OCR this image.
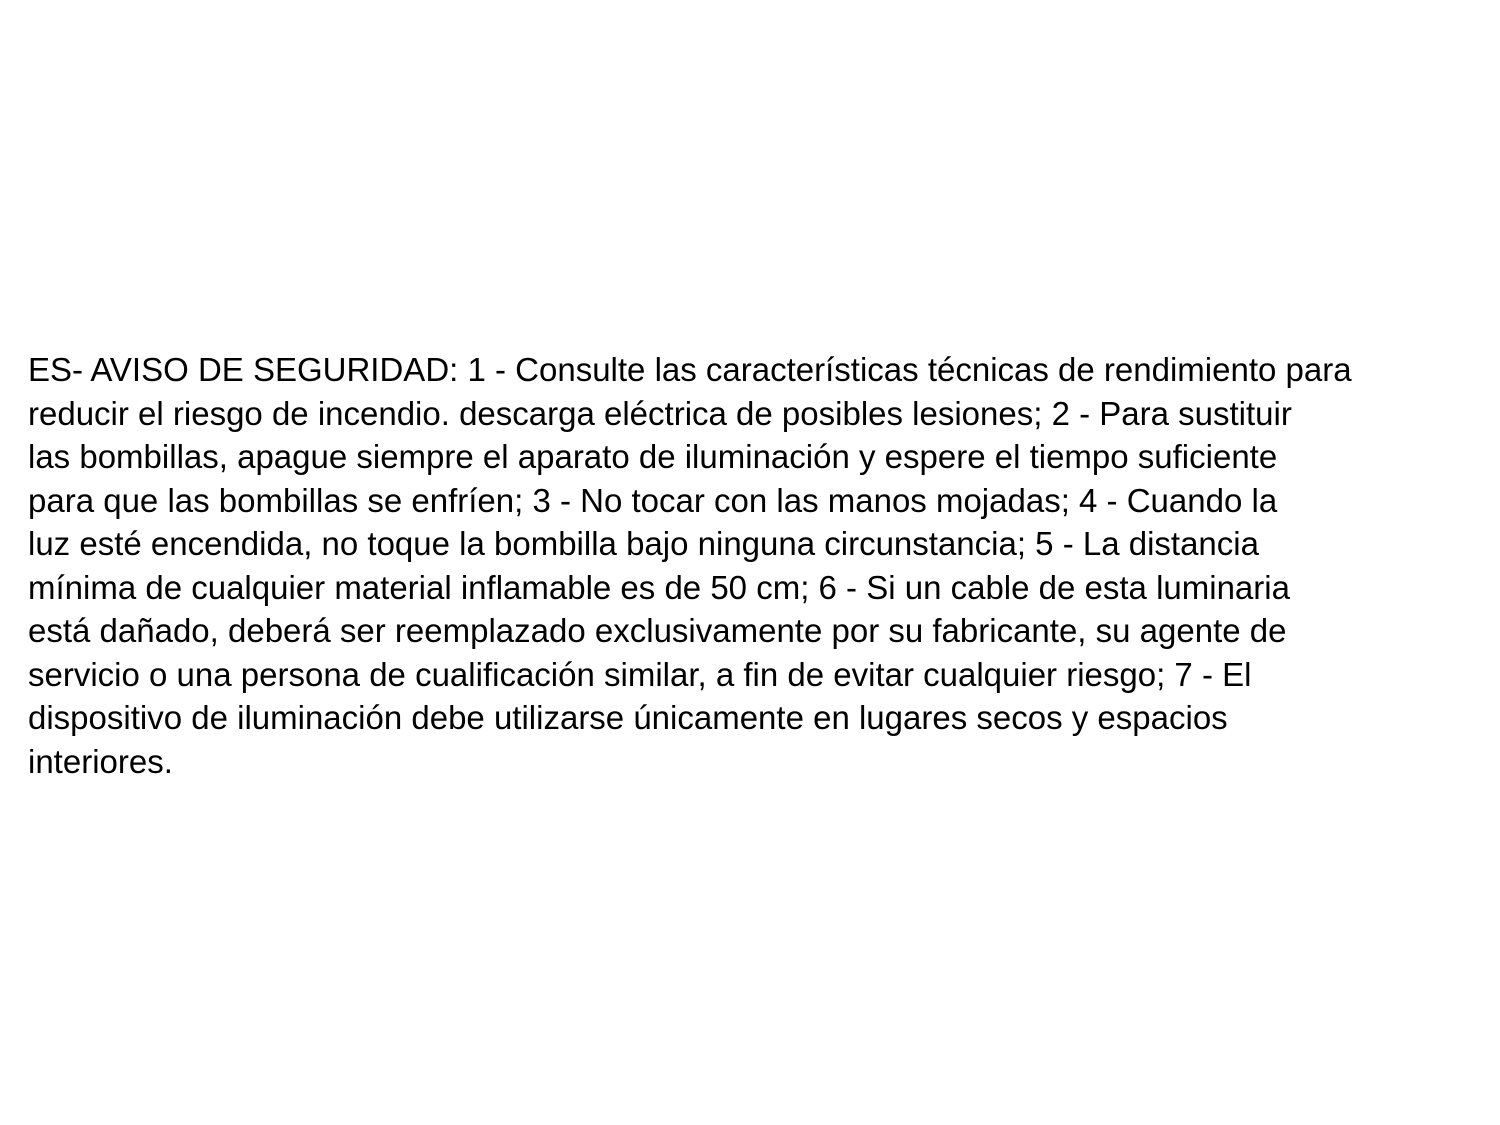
ES- AVISO DE SEGURIDAD: 1 - Consulte las características técnicas de rendimiento para
reducir el riesgo de incendio. descarga eléctrica de posibles lesiones; 2 - Para sustituir
las bombillas, apague siempre el aparato de iluminación y espere el tiempo suficiente
para que las bombillas se enfríen; 3 - No tocar con las manos mojadas; 4 - Cuando la
luz esté encendida, no toque la bombilla bajo ninguna circunstancia; 5 - La distancia
mínima de cualquier material inflamable es de 50 cm; 6 - Si un cable de esta luminaria
está dañado, deberá ser reemplazado exclusivamente por su fabricante, su agente de
servicio o una persona de cualificación similar, a fin de evitar cualquier riesgo; 7 - El
dispositivo de iluminación debe utilizarse únicamente en lugares secos y espacios
interiores.
